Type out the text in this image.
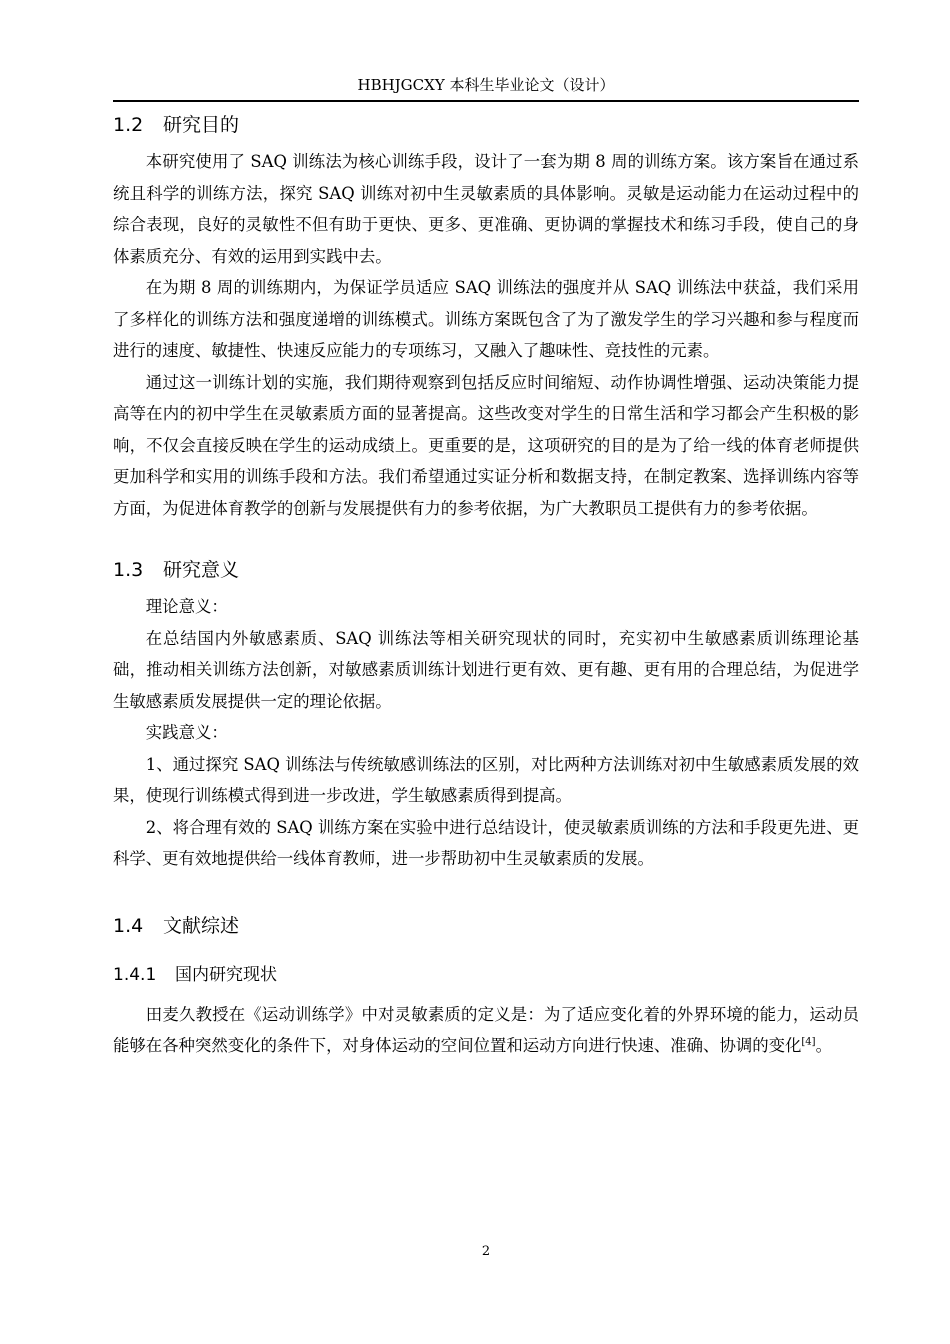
HBHJGCXY 本科生毕业论文（设计）
1.2 研究目的

本研究使用了 SAQ 训练法为核心训练手段，设计了一套为期 8 周的训练方案。该方案旨在通过系统且科学的训练方法，探究 SAQ 训练对初中生灵敏素质的具体影响。灵敏是运动能力在运动过程中的综合表现，良好的灵敏性不但有助于更快、更多、更准确、更协调的掌握技术和练习手段，使自己的身体素质充分、有效的运用到实践中去。

在为期 8 周的训练期内，为保证学员适应 SAQ 训练法的强度并从 SAQ 训练法中获益，我们采用了多样化的训练方法和强度递增的训练模式。训练方案既包含了为了激发学生的学习兴趣和参与程度而进行的速度、敏捷性、快速反应能力的专项练习，又融入了趣味性、竞技性的元素。

通过这一训练计划的实施，我们期待观察到包括反应时间缩短、动作协调性增强、运动决策能力提高等在内的初中学生在灵敏素质方面的显著提高。这些改变对学生的日常生活和学习都会产生积极的影响，不仅会直接反映在学生的运动成绩上。更重要的是，这项研究的目的是为了给一线的体育老师提供更加科学和实用的训练手段和方法。我们希望通过实证分析和数据支持，在制定教案、选择训练内容等方面，为促进体育教学的创新与发展提供有力的参考依据，为广大教职员工提供有力的参考依据。

1.3 研究意义

理论意义：

在总结国内外敏感素质、SAQ 训练法等相关研究现状的同时，充实初中生敏感素质训练理论基础，推动相关训练方法创新，对敏感素质训练计划进行更有效、更有趣、更有用的合理总结，为促进学生敏感素质发展提供一定的理论依据。

实践意义：

1、通过探究 SAQ 训练法与传统敏感训练法的区别，对比两种方法训练对初中生敏感素质发展的效果，使现行训练模式得到进一步改进，学生敏感素质得到提高。

2、将合理有效的 SAQ 训练方案在实验中进行总结设计，使灵敏素质训练的方法和手段更先进、更科学、更有效地提供给一线体育教师，进一步帮助初中生灵敏素质的发展。

1.4 文献综述
1.4.1 国内研究现状

田麦久教授在《运动训练学》中对灵敏素质的定义是：为了适应变化着的外界环境的能力，运动员能够在各种突然变化的条件下，对身体运动的空间位置和运动方向进行快速、准确、协调的变化[4]。

2
